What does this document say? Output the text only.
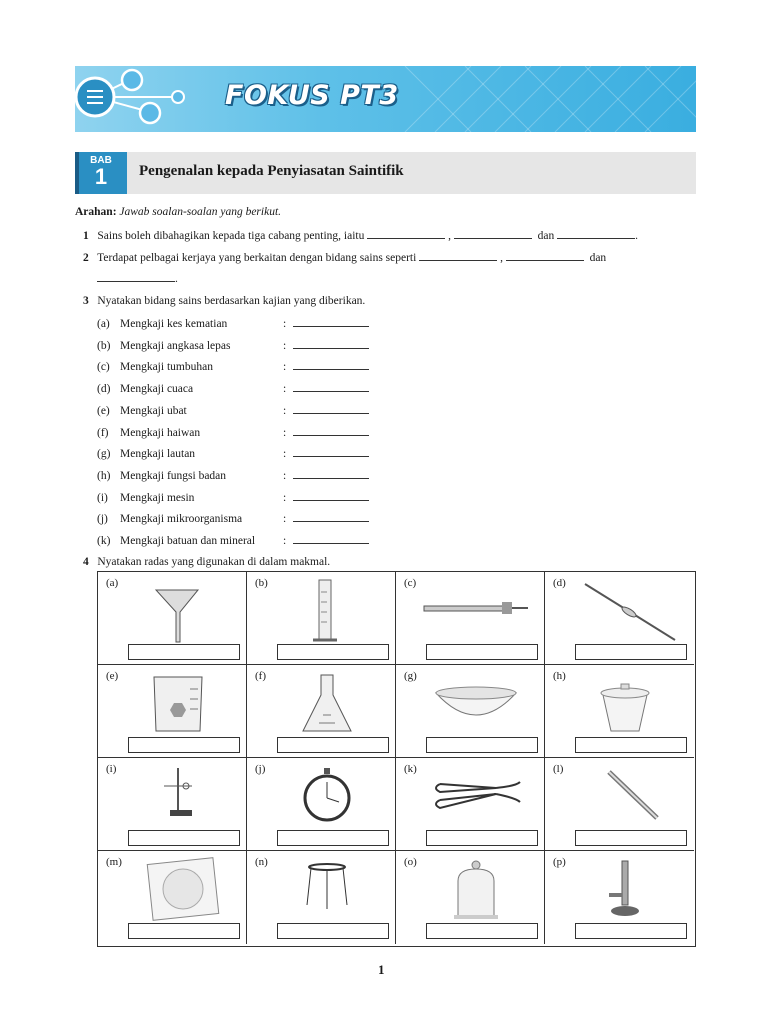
FOKUS PT3
BAB
1	Pengenalan kepada Penyiasatan Saintifik
Arahan: Jawab soalan-soalan yang berikut.
1 Sains boleh dibahagikan kepada tiga cabang penting, iaitu	,	dan	.
2 Terdapat pelbagai kerjaya yang berkaitan dengan bidang sains seperti	,	dan
.
3 Nyatakan bidang sains berdasarkan kajian yang diberikan.
(a) Mengkaji kes kematian	:
(b) Mengkaji angkasa lepas	:
(c) Mengkaji tumbuhan	:
(d) Mengkaji cuaca	:
(e) Mengkaji ubat	:
(f) Mengkaji haiwan	:
(g) Mengkaji lautan	:
(h) Mengkaji fungsi badan	:
(i) Mengkaji mesin	:
(j) Mengkaji mikroorganisma	:
(k) Mengkaji batuan dan mineral :
4 Nyatakan radas yang digunakan di dalam makmal.
(a)	(b)	(c)	(d)
(e)	(f)	(g)	(h)
(i)	(j)	(k)	(l)
(m)	(n)	(o)	(p)
1
